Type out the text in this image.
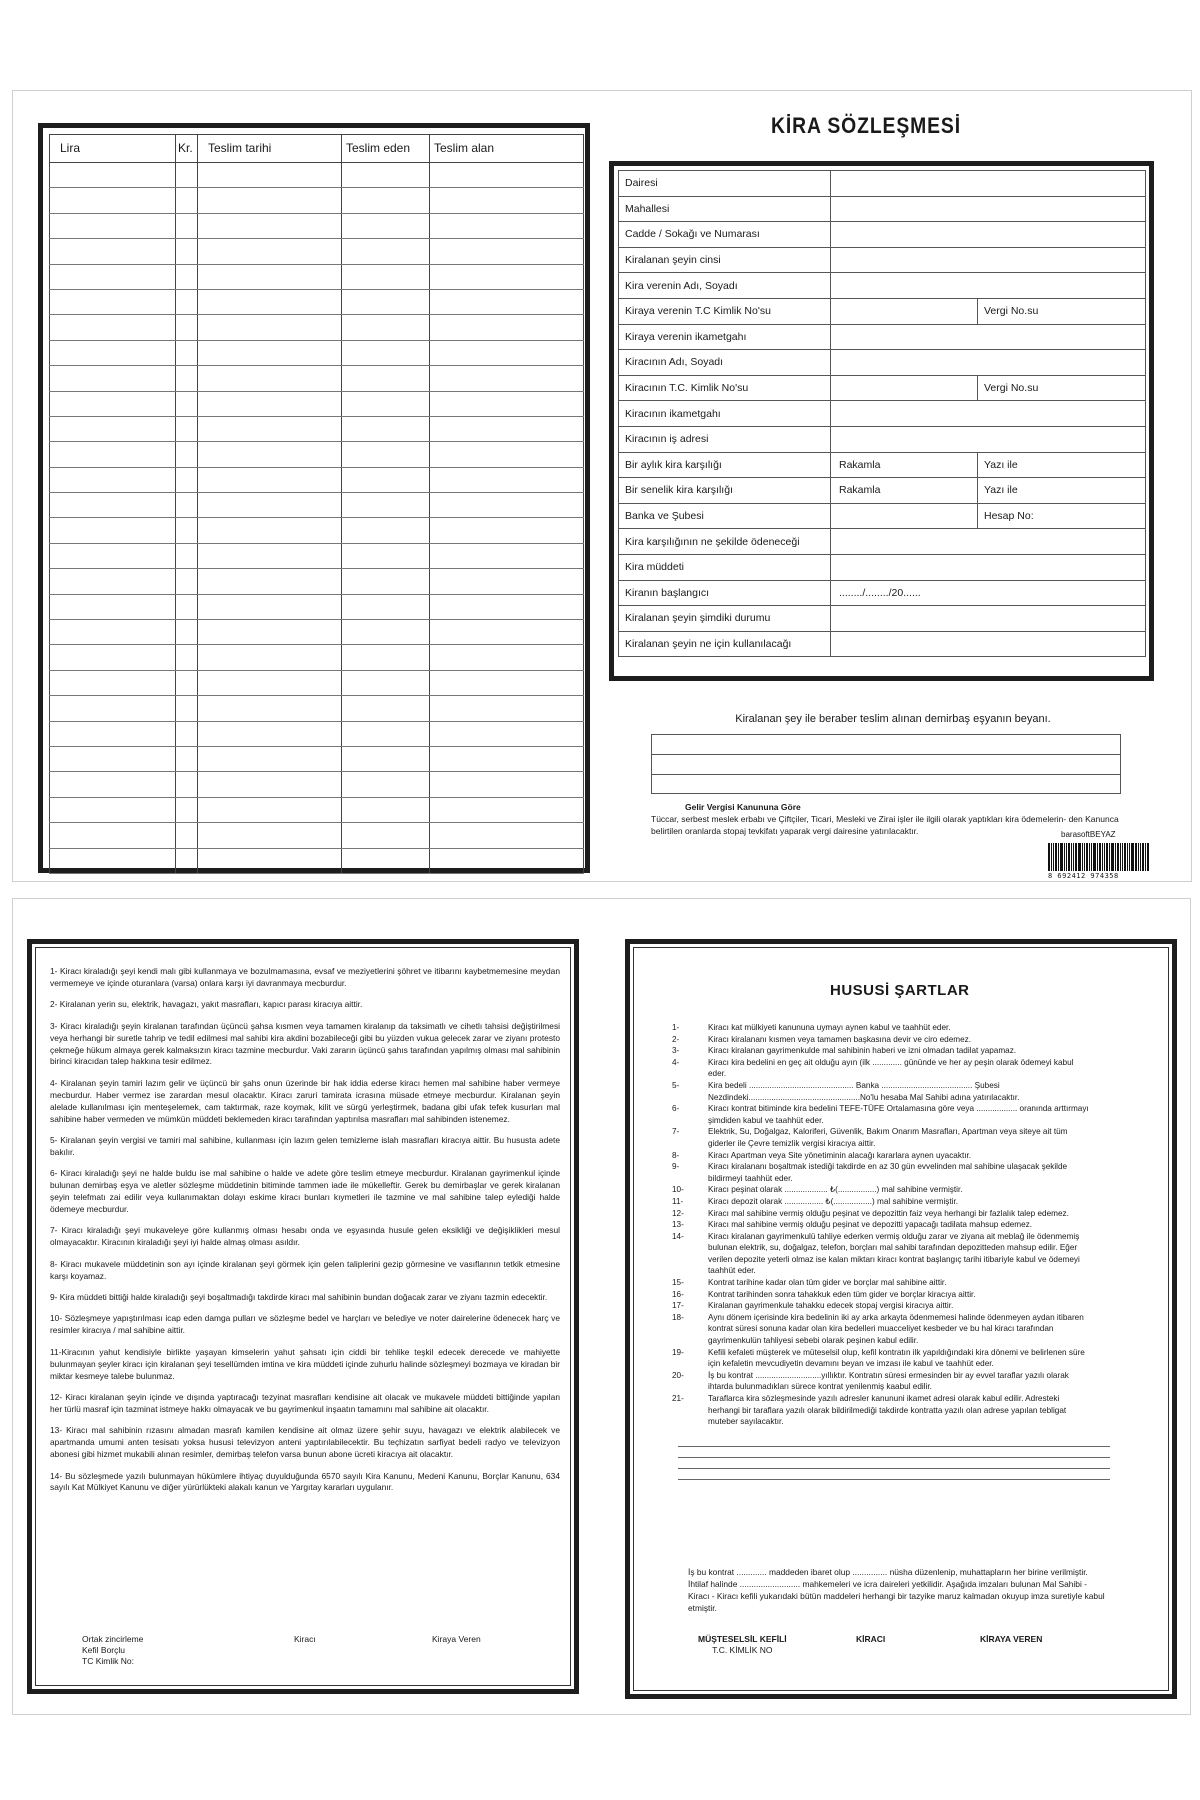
Lira	Kr.	Teslim tarihi	Teslim eden	Teslim alan

KİRA SÖZLEŞMESİ
Dairesi		
Mahallesi		
Cadde / Sokağı ve Numarası		
Kiralanan şeyin cinsi		
Kira verenin Adı, Soyadı		
Kiraya verenin T.C Kimlik No'su		Vergi No.su
Kiraya verenin ikametgahı		
Kiracının Adı, Soyadı		
Kiracının T.C. Kimlik No'su		Vergi No.su
Kiracının ikametgahı		
Kiracının iş adresi		
Bir aylık kira karşılığı	Rakamla	Yazı ile
Bir senelik kira karşılığı	Rakamla	Yazı ile
Banka ve Şubesi		Hesap No:
Kira karşılığının ne şekilde ödeneceği		
Kira müddeti		
Kiranın başlangıcı	......../......../20......	
Kiralanan şeyin şimdiki durumu		
Kiralanan şeyin ne için kullanılacağı		
Kiralanan şey ile beraber teslim alınan demirbaş eşyanın beyanı.
Gelir Vergisi Kanununa Göre
Tüccar, serbest meslek erbabı ve Çiftçiler, Ticari, Mesleki ve Zirai işler ile ilgili olarak yaptıkları kira ödemelerin- den Kanunca belirtilen oranlarda stopaj tevkifatı yaparak vergi dairesine yatırılacaktır.	barasoftBEYAZ
8 692412 974358

1- Kiracı kiraladığı şeyi kendi malı gibi kullanmaya ve bozulmamasına, evsaf ve meziyetlerini şöhret ve itibarını kaybetmemesine meydan vermemeye ve içinde oturanlara (varsa) onlara karşı iyi davranmaya mecburdur.

2- Kiralanan yerin su, elektrik, havagazı, yakıt masrafları, kapıcı parası kiracıya aittir.

3- Kiracı kiraladığı şeyin kiralanan tarafından üçüncü şahsa kısmen veya tamamen kiralanıp da taksimatlı ve cihetlı tahsisi değiştirilmesi veya herhangi bir suretle tahrip ve tedil edilmesi mal sahibi kira akdini bozabileceği gibi bu yüzden vukua gelecek zarar ve ziyanı protesto çekmeğe hükum almaya gerek kalmaksızın kiracı tazmine mecburdur. Vaki zararın üçüncü şahıs tarafından yapılmış olması mal sahibinin birinci kiracıdan talep hakkına tesir edilmez.

4- Kiralanan şeyin tamiri lazım gelir ve üçüncü bir şahs onun üzerinde bir hak iddia ederse kiracı hemen mal sahibine haber vermeye mecburdur. Haber vermez ise zarardan mesul olacaktır. Kiracı zaruri tamirata icrasına müsade etmeye mecburdur. Kiralanan şeyin alelade kullanılması için menteşelemek, cam taktırmak, raze koymak, kilit ve sürgü yerleştirmek, badana gibi ufak tefek kusurları mal sahibine haber vermeden ve mümkün müddeti beklemeden kiracı tarafından yaptırılsa masrafları mal sahibinden istenemez.

5- Kiralanan şeyin vergisi ve tamiri mal sahibine, kullanması için lazım gelen temizleme islah masrafları kiracıya aittir. Bu hususta adete bakılır.

6- Kiracı kiraladığı şeyi ne halde buldu ise mal sahibine o halde ve adete göre teslim etmeye mecburdur. Kiralanan gayrimenkul içinde bulunan demirbaş eşya ve aletler sözleşme müddetinin bitiminde tammen iade ile mükelleftir. Gerek bu demirbaşlar ve gerek kiralanan şeyin telefmatı zai edilir veya kullanımaktan dolayı eskime kiracı bunları kıymetleri ile tazmine ve mal sahibine talep eylediği halde ödemeye mecburdur.

7- Kiracı kiraladığı şeyi mukaveleye göre kullanmış olması hesabı onda ve eşyasında husule gelen eksikliği ve değişiklikleri mesul olmayacaktır. Kiracının kiraladığı şeyi iyi halde almaş olması asıldır.

8- Kiracı mukavele müddetinin son ayı içinde kiralanan şeyi görmek için gelen taliplerini gezip görmesine ve vasıflarının tetkik etmesine karşı koyamaz.

9- Kira müddeti bittiği halde kiraladığı şeyi boşaltmadığı takdirde kiracı mal sahibinin bundan doğacak zarar ve ziyanı tazmin edecektir.

10- Sözleşmeye yapıştırılması icap eden damga pulları ve sözleşme bedel ve harçları ve belediye ve noter dairelerine ödenecek harç ve resimler kiracıya / mal sahibine aittir.

11-Kiracının yahut kendisiyle birlikte yaşayan kimselerin yahut şahsatı için ciddi bir tehlike teşkil edecek derecede ve mahiyette bulunmayan şeyler kiracı için kiralanan şeyi tesellümden imtina ve kira müddeti içinde zuhurlu halinde sözleşmeyi bozmaya ve kiradan bir miktar kesmeye talebe bulunmaz.

12- Kiracı kiralanan şeyin içinde ve dışında yaptıracağı tezyinat masrafları kendisine ait olacak ve mukavele müddeti bittiğinde yapılan her türlü masraf için tazminat istmeye hakkı olmayacak ve bu gayrimenkul inşaatın tamamını mal sahibine ait olacaktır.

13- Kiracı mal sahibinin rızasını almadan masrafı kamilen kendisine ait olmaz üzere şehir suyu, havagazı ve elektrik alabilecek ve apartmanda umumi anten tesisatı yoksa hususi televizyon anteni yaptırılabilecektir. Bu teçhizatın sarfiyat bedeli radyo ve televizyon abonesi gibi hizmet mukabili alınan resimler, demirbaş telefon varsa bunun abone ücreti kiracıya ait olacaktır.

14- Bu sözleşmede yazılı bulunmayan hükümlere ihtiyaç duyulduğunda 6570 sayılı Kira Kanunu, Medeni Kanunu, Borçlar Kanunu, 634 sayılı Kat Mülkiyet Kanunu ve diğer yürürlükteki alakalı kanun ve Yargıtay kararları uygulanır.

Ortak zincirleme
Kefil Borçlu
TC Kimlik No:
Kiracı	Kiraya Veren
HUSUSİ ŞARTLAR
1-	Kiracı kat mülkiyeti kanununa uymayı aynen kabul ve taahhüt eder.
2-	Kiracı kiralananı kısmen veya tamamen başkasına devir ve ciro edemez.
3-	Kiracı kiralanan gayrimenkulde mal sahibinin haberi ve izni olmadan tadilat yapamaz.
4-	Kiracı kira bedelini en geç ait olduğu ayın (ilk ............. gününde ve her ay peşin olarak ödemeyi kabul eder.
5-	Kira bedeli .............................................. Banka ........................................ Şubesi Nezdindeki.................................................No'lu hesaba Mal Sahibi adına yatırılacaktır.
6-	Kiracı kontrat bitiminde kira bedelini TEFE-TÜFE Ortalamasına göre veya .................. oranında arttırmayı şimdiden kabul ve taahhüt eder.
7-	Elektrik, Su, Doğalgaz, Kaloriferi, Güvenlik, Bakım Onarım Masrafları, Apartman veya siteye ait tüm giderler ile Çevre temizlik vergisi kiracıya aittir.
8-	Kiracı Apartman veya Site yönetiminin alacağı kararlara aynen uyacaktır.
9-	Kiracı kiralananı boşaltmak istediği takdirde en az 30 gün evvelinden mal sahibine ulaşacak şekilde bildirmeyi taahhüt eder.
10-	Kiracı peşinat olarak ................... ₺(.................) mal sahibine vermiştir.
11-	Kiracı depozit olarak ................. ₺(.................) mal sahibine vermiştir.
12-	Kiracı mal sahibine vermiş olduğu peşinat ve depozittin faiz veya herhangi bir fazlalık talep edemez.
13-	Kiracı mal sahibine vermiş olduğu peşinat ve depozitti yapacağı tadilata mahsup edemez.
14-	Kiracı kiralanan gayrimenkulü tahliye ederken vermiş olduğu zarar ve ziyana ait meblağ ile ödenmemiş bulunan elektrik, su, doğalgaz, telefon, borçları mal sahibi tarafından depozitteden mahsup edilir. Eğer verilen depozite yeterli olmaz ise kalan miktarı kiracı kontrat başlangıç tarihi itibariyle kabul ve ödemeyi taahhüt eder.
15-	Kontrat tarihine kadar olan tüm gider ve borçlar mal sahibine aittir.
16-	Kontrat tarihinden sonra tahakkuk eden tüm gider ve borçlar kiracıya aittir.
17-	Kiralanan gayrimenkule tahakku edecek stopaj vergisi kiracıya aittir.
18-	Aynı dönem içerisinde kira bedelinin iki ay arka arkayta ödenmemesi halinde ödenmeyen aydan itibaren kontrat süresi sonuna kadar olan kira bedelleri muacceliyet kesbeder ve bu hal kiracı tarafından gayrimenkulün tahliyesi sebebi olarak peşinen kabul edilir.
19-	Kefili kefaleti müşterek ve müteselsil olup, kefil kontratın ilk yapıldığındaki kira dönemi ve belirlenen süre için kefaletin mevcudiyetin devamını beyan ve imzası ile kabul ve taahhüt eder.
20-	İş bu kontrat .............................yıllıktır. Kontratın süresi ermesinden bir ay evvel taraflar yazılı olarak ihtarda bulunmadıkları sürece kontrat yenilenmiş kaabul edilir.
21-	Taraflarca kira sözleşmesinde yazılı adresler kanununi ikamet adresi olarak kabul edilir. Adresteki herhangi bir taraflara yazılı olarak bildirilmediği takdirde kontratta yazılı olan adrese yapılan tebligat muteber sayılacaktır.
İş bu kontrat ............. maddeden ibaret olup ............... nüsha düzenlenip, muhattapların her birine verilmiştir. İhtilaf halinde .......................... mahkemeleri ve icra daireleri yetkilidir. Aşağıda imzaları bulunan Mal Sahibi - Kiracı - Kiracı kefili yukarıdaki bütün maddeleri herhangi bir tazyike maruz kalmadan okuyup imza suretiyle kabul etmiştir.
MÜŞTESELSİL KEFİLİ
T.C. KİMLİK NO
KİRACI	KİRAYA VEREN
